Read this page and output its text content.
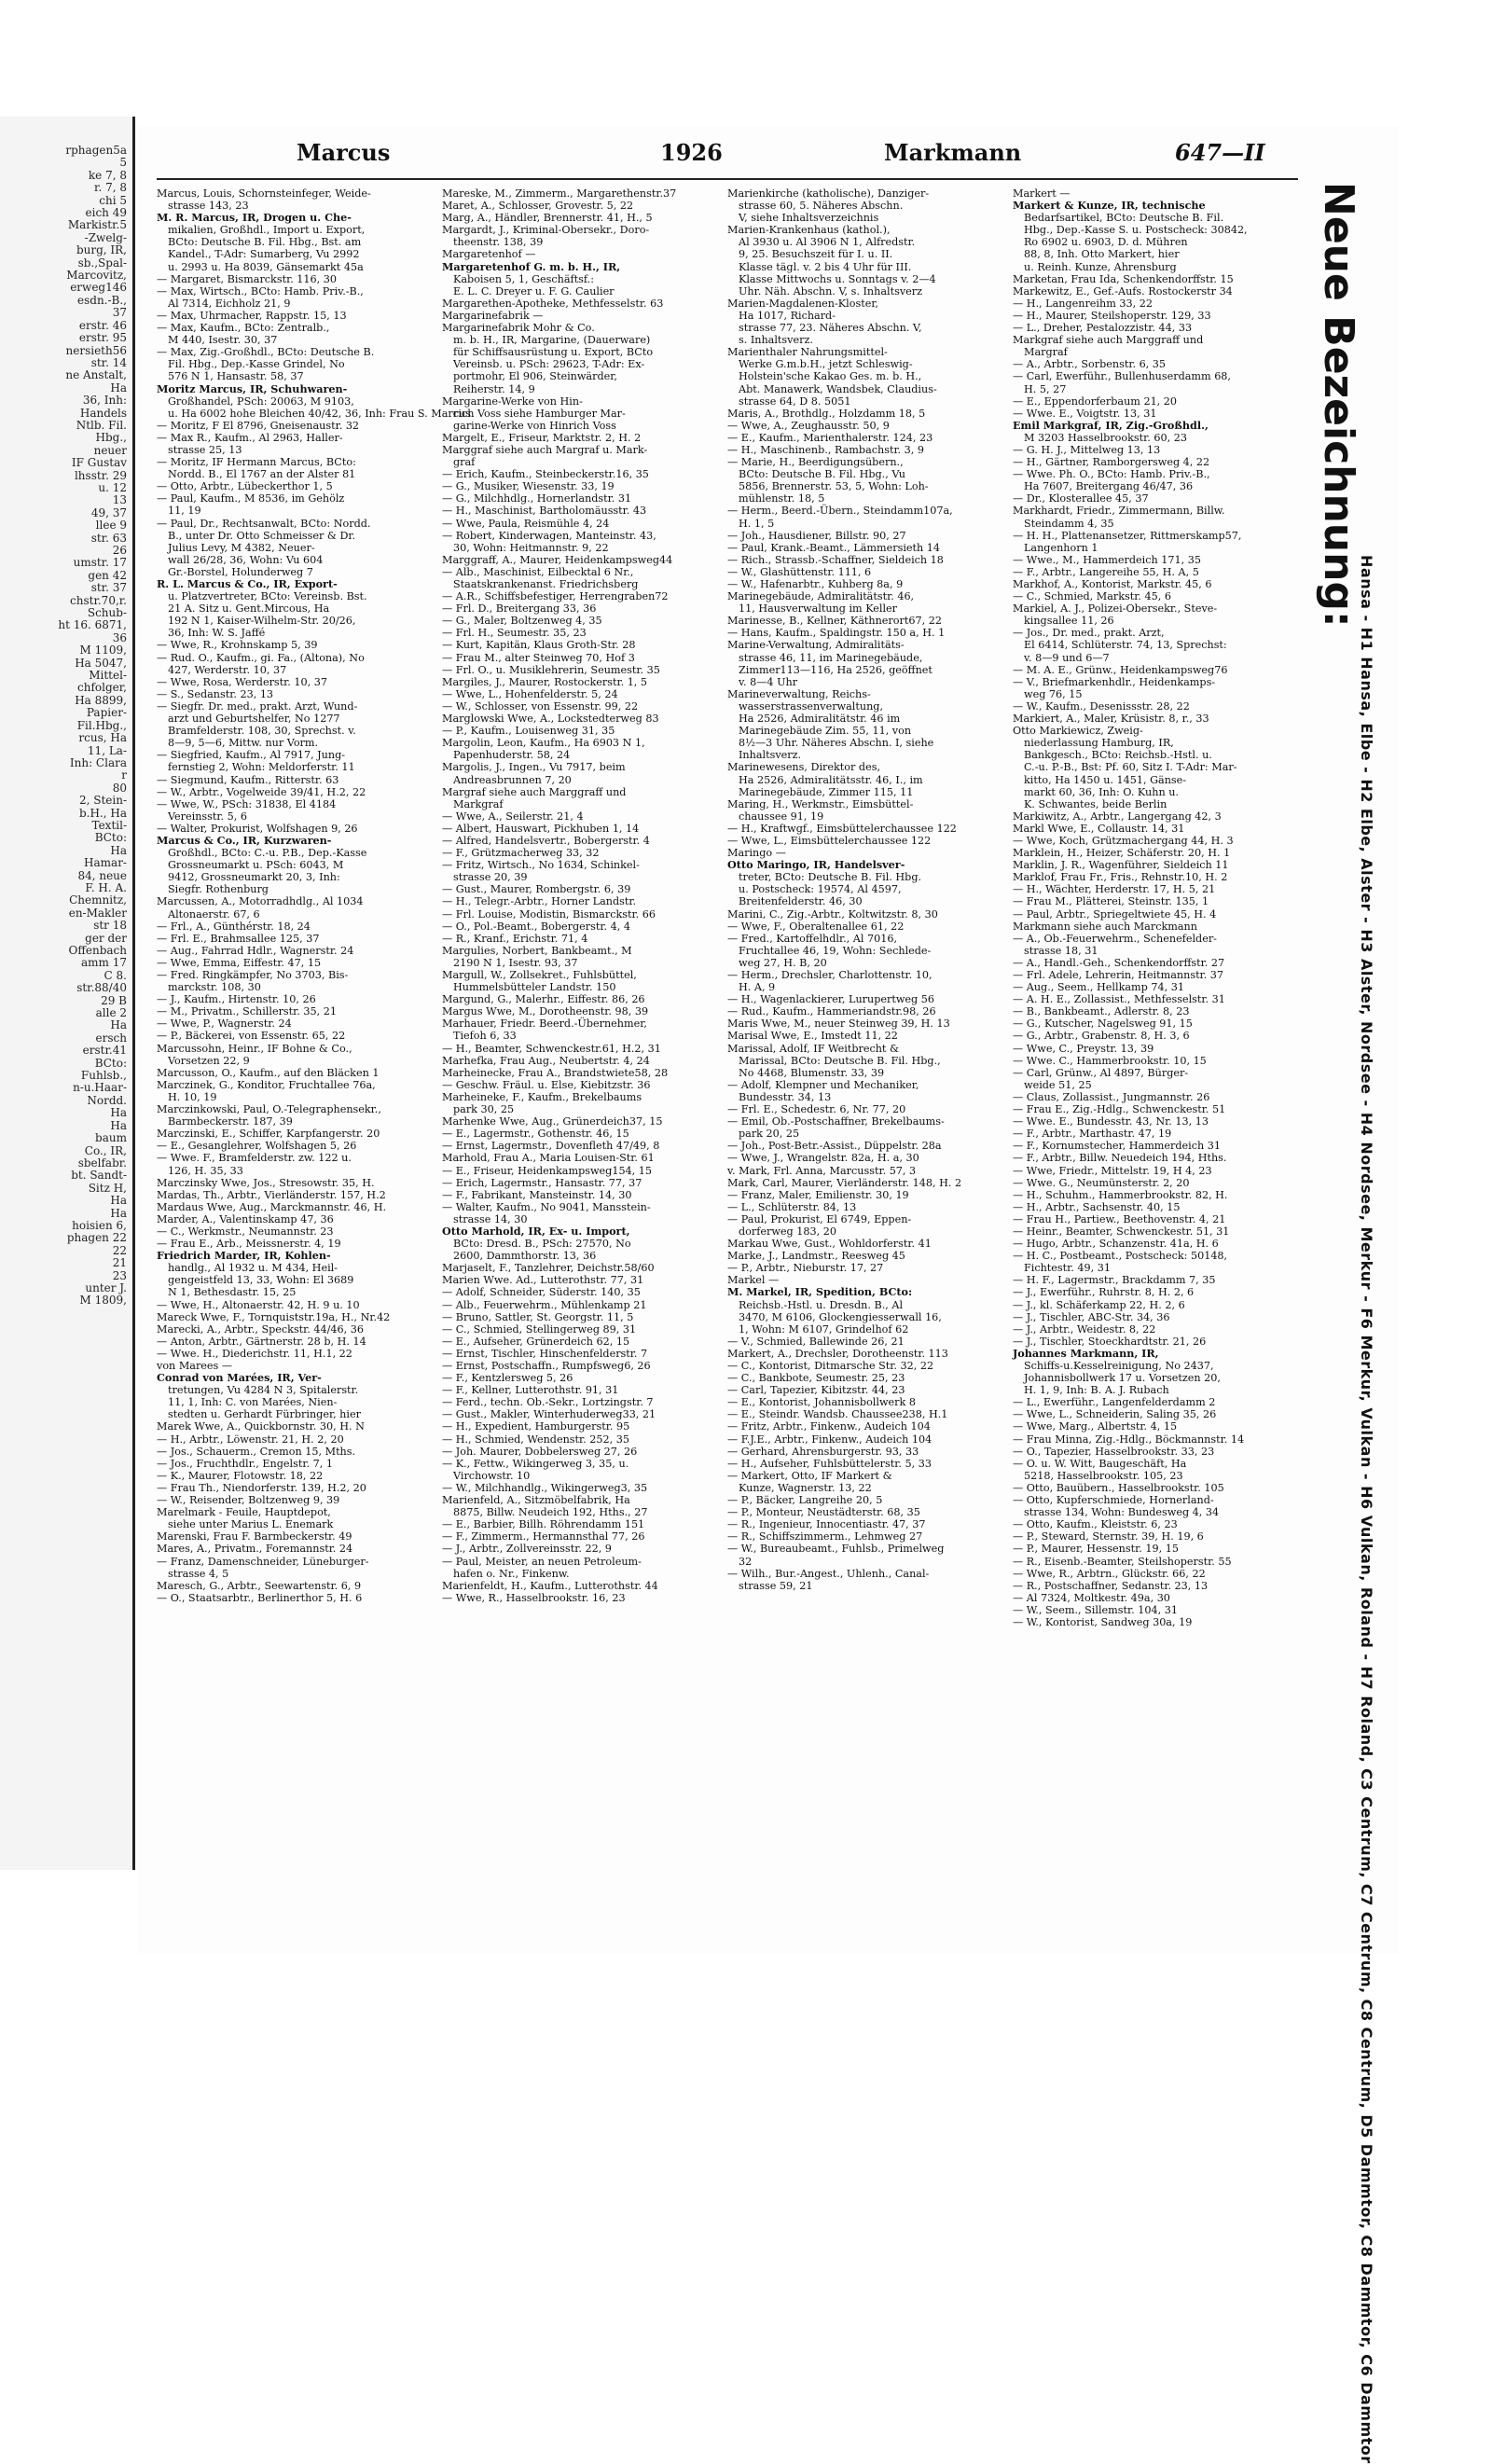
rphagen5a
5
ke 7, 8
r. 7, 8
chi 5
eich 49
Markistr.5
-Zwelg-
burg, IR,
sb.,Spal-
Marcovitz,
erweg146
esdn.-B.,
37
erstr. 46
erstr. 95
nersieth56
str. 14
ne Anstalt,
Ha
36, Inh:
Handels
Ntlb. Fil.
Hbg.,
neuer
IF Gustav
lhsstr. 29
u. 12
13
49, 37
llee 9
str. 63
26
umstr. 17
gen 42
str. 37
chstr.70,r.
Schub-
ht 16. 6871,
36
M 1109,
Ha 5047,
Mittel-
chfolger,
Ha 8899,
Papier-
Fil.Hbg.,
rcus, Ha
11, La-
Inh: Clara
r
80
2, Stein-
b.H., Ha
Textil-
BCto:
Ha
Hamar-
84, neue
F. H. A.
Chemnitz,
en-Makler
str 18
ger der
Offenbach
amm 17
C 8.
str.88/40
29 B
alle 2
Ha
ersch
erstr.41
BCto:
Fuhlsb.,
n-u.Haar-
Nordd.
Ha
Ha
baum
Co., IR,
sbelfabr.
bt. Sandt-
Sitz H,
Ha
Ha
hoisien 6,
phagen 22
22
21
23
unter J.
M 1809,
Marcus	1926	Markmann	647—II
Marcus, Louis, Schornsteinfeger, Weide-
strasse 143, 23
M. R. Marcus, IR, Drogen u. Che-
mikalien, Großhdl., Import u. Export,
BCto: Deutsche B. Fil. Hbg., Bst. am
Kandel., T-Adr: Sumarberg, Vu 2992
u. 2993 u. Ha 8039, Gänsemarkt 45a
— Margaret, Bismarckstr. 116, 30
— Max, Wirtsch., BCto: Hamb. Priv.-B.,
Al 7314, Eichholz 21, 9
— Max, Uhrmacher, Rappstr. 15, 13
— Max, Kaufm., BCto: Zentralb.,
M 440, Isestr. 30, 37
— Max, Zig.-Großhdl., BCto: Deutsche B.
Fil. Hbg., Dep.-Kasse Grindel, No
576 N 1, Hansastr. 58, 37
Moritz Marcus, IR, Schuhwaren-
Großhandel, PSch: 20063, M 9103,
u. Ha 6002 hohe Bleichen 40/42, 36, Inh: Frau S. Marcus
— Moritz, F El 8796, Gneisenaustr. 32
— Max R., Kaufm., Al 2963, Haller-
strasse 25, 13
— Moritz, IF Hermann Marcus, BCto:
Nordd. B., El 1767 an der Alster 81
— Otto, Arbtr., Lübeckerthor 1, 5
— Paul, Kaufm., M 8536, im Gehölz
11, 19
— Paul, Dr., Rechtsanwalt, BCto: Nordd.
B., unter Dr. Otto Schmeisser & Dr.
Julius Levy, M 4382, Neuer-
wall 26/28, 36, Wohn: Vu 604
Gr.-Borstel, Holunderweg 7
R. L. Marcus & Co., IR, Export-
u. Platzvertreter, BCto: Vereinsb. Bst.
21 A. Sitz u. Gent.Mircous, Ha
192 N 1, Kaiser-Wilhelm-Str. 20/26,
36, Inh: W. S. Jaffé
— Wwe, R., Krohnskamp 5, 39
— Rud. O., Kaufm., gi. Fa., (Altona), No
427, Werderstr. 10, 37
— Wwe, Rosa, Werderstr. 10, 37
— S., Sedanstr. 23, 13
— Siegfr. Dr. med., prakt. Arzt, Wund-
arzt und Geburtshelfer, No 1277
Bramfelderstr. 108, 30, Sprechst. v.
8—9, 5—6, Mittw. nur Vorm.
— Siegfried, Kaufm., Al 7917, Jung-
fernstieg 2, Wohn: Meldorferstr. 11
— Siegmund, Kaufm., Ritterstr. 63
— W., Arbtr., Vogelweide 39/41, H.2, 22
— Wwe, W., PSch: 31838, El 4184
Vereinsstr. 5, 6
— Walter, Prokurist, Wolfshagen 9, 26
Marcus & Co., IR, Kurzwaren-
Großhdl., BCto: C.-u. P.B., Dep.-Kasse
Grossneumarkt u. PSch: 6043, M
9412, Grossneumarkt 20, 3, Inh:
Siegfr. Rothenburg
Marcussen, A., Motorradhdlg., Al 1034
Altonaerstr. 67, 6
— Frl., A., Günthérstr. 18, 24
— Frl. E., Brahmsallee 125, 37
— Aug., Fahrrad Hdlr., Wagnerstr. 24
— Wwe, Emma, Eiffestr. 47, 15
— Fred. Ringkämpfer, No 3703, Bis-
marckstr. 108, 30
— J., Kaufm., Hirtenstr. 10, 26
— M., Privatm., Schillerstr. 35, 21
— Wwe, P., Wagnerstr. 24
— P., Bäckerei, von Essenstr. 65, 22
Marcussohn, Heinr., IF Bohne & Co.,
Vorsetzen 22, 9
Marcusson, O., Kaufm., auf den Bläcken 1
Marczinek, G., Konditor, Fruchtallee 76a,
H. 10, 19
Marczinkowski, Paul, O.-Telegraphensekr.,
Barmbeckerstr. 187, 39
Marczinski, E., Schiffer, Karpfangerstr. 20
— E., Gesanglehrer, Wolfshagen 5, 26
— Wwe. F., Bramfelderstr. zw. 122 u.
126, H. 35, 33
Marczinsky Wwe, Jos., Stresowstr. 35, H.
Mardas, Th., Arbtr., Vierländerstr. 157, H.2
Mardaus Wwe, Aug., Marckmannstr. 46, H.
Marder, A., Valentinskamp 47, 36
— C., Werkmstr., Neumannstr. 23
— Frau E., Arb., Meissnerstr. 4, 19
Friedrich Marder, IR, Kohlen-
handlg., Al 1932 u. M 434, Heil-
gengeistfeld 13, 33, Wohn: El 3689
N 1, Bethesdastr. 15, 25
— Wwe, H., Altonaerstr. 42, H. 9 u. 10
Mareck Wwe, F., Tornquiststr.19a, H., Nr.42
Marecki, A., Arbtr., Speckstr. 44/46, 36
— Anton, Arbtr., Gärtnerstr. 28 b, H. 14
— Wwe. H., Diederichstr. 11, H.1, 22
von Marees —
Conrad von Marées, IR, Ver-
tretungen, Vu 4284 N 3, Spitalerstr.
11, 1, Inh: C. von Marées, Nien-
stedten u. Gerhardt Fürbringer, hier
Marek Wwe, A., Quickbornstr. 30, H. N
— H., Arbtr., Löwenstr. 21, H. 2, 20
— Jos., Schauerm., Cremon 15, Mths.
— Jos., Fruchthdlr., Engelstr. 7, 1
— K., Maurer, Flotowstr. 18, 22
— Frau Th., Niendorferstr. 139, H.2, 20
— W., Reisender, Boltzenweg 9, 39
Marelmark - Feuile, Hauptdepot,
siehe unter Marius L. Enemark
Marenski, Frau F. Barmbeckerstr. 49
Mares, A., Privatm., Foremannstr. 24
— Franz, Damenschneider, Lüneburger-
strasse 4, 5
Maresch, G., Arbtr., Seewartenstr. 6, 9
— O., Staatsarbtr., Berlinerthor 5, H. 6
Mareske, M., Zimmerm., Margarethenstr.37
Maret, A., Schlosser, Grovestr. 5, 22
Marg, A., Händler, Brennerstr. 41, H., 5
Margardt, J., Kriminal-Obersekr., Doro-
theenstr. 138, 39
Margaretenhof —
Margaretenhof G. m. b. H., IR,
Kaboisen 5, 1, Geschäftsf.:
E. L. C. Dreyer u. F. G. Caulier
Margarethen-Apotheke, Methfesselstr. 63
Margarinefabrik —
Margarinefabrik Mohr & Co.
m. b. H., IR, Margarine, (Dauerware)
für Schiffsausrüstung u. Export, BCto
Vereinsb. u. PSch: 29623, T-Adr: Ex-
portmohr, El 906, Steinwärder,
Reiherstr. 14, 9
Margarine-Werke von Hin-
rich Voss siehe Hamburger Mar-
garine-Werke von Hinrich Voss
Margelt, E., Friseur, Marktstr. 2, H. 2
Marggraf siehe auch Margraf u. Mark-
graf
— Erich, Kaufm., Steinbeckerstr.16, 35
— G., Musiker, Wiesenstr. 33, 19
— G., Milchhdlg., Hornerlandstr. 31
— H., Maschinist, Bartholomäusstr. 43
— Wwe, Paula, Reismühle 4, 24
— Robert, Kinderwagen, Manteinstr. 43,
30, Wohn: Heitmannstr. 9, 22
Marggraff, A., Maurer, Heidenkampsweg44
— Alb., Maschinist, Eilbecktal 6 Nr.,
Staatskrankenanst. Friedrichsberg
— A.R., Schiffsbefestiger, Herrengraben72
— Frl. D., Breitergang 33, 36
— G., Maler, Boltzenweg 4, 35
— Frl. H., Seumestr. 35, 23
— Kurt, Kapitän, Klaus Groth-Str. 28
— Frau M., alter Steinweg 70, Hof 3
— Frl. O., u. Musiklehrerin, Seumestr. 35
Margiles, J., Maurer, Rostockerstr. 1, 5
— Wwe, L., Hohenfelderstr. 5, 24
— W., Schlosser, von Essenstr. 99, 22
Marglowski Wwe, A., Lockstedterweg 83
— P., Kaufm., Louisenweg 31, 35
Margolin, Leon, Kaufm., Ha 6903 N 1,
Papenhuderstr. 58, 24
Margolis, J., Ingen., Vu 7917, beim
Andreasbrunnen 7, 20
Margraf siehe auch Marggraff und
Markgraf
— Wwe, A., Seilerstr. 21, 4
— Albert, Hauswart, Pickhuben 1, 14
— Alfred, Handelsvertr., Bobergerstr. 4
— F., Grützmacherweg 33, 32
— Fritz, Wirtsch., No 1634, Schinkel-
strasse 20, 39
— Gust., Maurer, Rombergstr. 6, 39
— H., Telegr.-Arbtr., Horner Landstr.
— Frl. Louise, Modistin, Bismarckstr. 66
— O., Pol.-Beamt., Bobergerstr. 4, 4
— R., Kranf., Erichstr. 71, 4
Margulies, Norbert, Bankbeamt., M
2190 N 1, Isestr. 93, 37
Margull, W., Zollsekret., Fuhlsbüttel,
Hummelsbütteler Landstr. 150
Margund, G., Malerhr., Eiffestr. 86, 26
Margus Wwe, M., Dorotheenstr. 98, 39
Marhauer, Friedr. Beerd.-Übernehmer,
Tiefoh 6, 33
— H., Beamter, Schwenckestr.61, H.2, 31
Marhefka, Frau Aug., Neubertstr. 4, 24
Marheinecke, Frau A., Brandstwiete58, 28
— Geschw. Fräul. u. Else, Kiebitzstr. 36
Marheineke, F., Kaufm., Brekelbaums
park 30, 25
Marhenke Wwe, Aug., Grünerdeich37, 15
— E., Lagermstr., Gothenstr. 46, 15
— Ernst, Lagermstr., Dovenfleth 47/49, 8
Marhold, Frau A., Maria Louisen-Str. 61
— E., Friseur, Heidenkampsweg154, 15
— Erich, Lagermstr., Hansastr. 77, 37
— F., Fabrikant, Mansteinstr. 14, 30
— Walter, Kaufm., No 9041, Mansstein-
strasse 14, 30
Otto Marhold, IR, Ex- u. Import,
BCto: Dresd. B., PSch: 27570, No
2600, Dammthorstr. 13, 36
Marjaselt, F., Tanzlehrer, Deichstr.58/60
Marien Wwe. Ad., Lutterothstr. 77, 31
— Adolf, Schneider, Süderstr. 140, 35
— Alb., Feuerwehrm., Mühlenkamp 21
— Bruno, Sattler, St. Georgstr. 11, 5
— C., Schmied, Stellingerweg 89, 31
— E., Aufseher, Grünerdeich 62, 15
— Ernst, Tischler, Hinschenfelderstr. 7
— Ernst, Postschaffn., Rumpfsweg6, 26
— F., Kentzlersweg 5, 26
— F., Kellner, Lutterothstr. 91, 31
— Ferd., techn. Ob.-Sekr., Lortzingstr. 7
— Gust., Makler, Winterhuderweg33, 21
— H., Expedient, Hamburgerstr. 95
— H., Schmied, Wendenstr. 252, 35
— Joh. Maurer, Dobbelersweg 27, 26
— K., Fettw., Wikingerweg 3, 35, u.
Virchowstr. 10
— W., Milchhandlg., Wikingerweg3, 35
Marienfeld, A., Sitzmöbelfabrik, Ha
8875, Billw. Neudeich 192, Hths., 27
— E., Barbier, Billh. Röhrendamm 151
— F., Zimmerm., Hermannsthal 77, 26
— J., Arbtr., Zollvereinsstr. 22, 9
— Paul, Meister, an neuen Petroleum-
hafen o. Nr., Finkenw.
Marienfeldt, H., Kaufm., Lutterothstr. 44
— Wwe, R., Hasselbrookstr. 16, 23
Marienkirche (katholische), Danziger-
strasse 60, 5. Näheres Abschn.
V, siehe Inhaltsverzeichnis
Marien-Krankenhaus (kathol.),
Al 3930 u. Al 3906 N 1, Alfredstr.
9, 25. Besuchszeit für I. u. II.
Klasse tägl. v. 2 bis 4 Uhr für III.
Klasse Mittwochs u. Sonntags v. 2—4
Uhr. Näh. Abschn. V, s. Inhaltsverz
Marien-Magdalenen-Kloster,
Ha 1017, Richard-
strasse 77, 23. Näheres Abschn. V,
s. Inhaltsverz.
Marienthaler Nahrungsmittel-
Werke G.m.b.H., jetzt Schleswig-
Holstein'sche Kakao Ges. m. b. H.,
Abt. Manawerk, Wandsbek, Claudius-
strasse 64, D 8. 5051
Maris, A., Brothdlg., Holzdamm 18, 5
— Wwe, A., Zeughausstr. 50, 9
— E., Kaufm., Marienthalerstr. 124, 23
— H., Maschinenb., Rambachstr. 3, 9
— Marie, H., Beerdigungsübern.,
BCto: Deutsche B. Fil. Hbg., Vu
5856, Brennerstr. 53, 5, Wohn: Loh-
mühlenstr. 18, 5
— Herm., Beerd.-Übern., Steindamm107a,
H. 1, 5
— Joh., Hausdiener, Billstr. 90, 27
— Paul, Krank.-Beamt., Lämmersieth 14
— Rich., Strassb.-Schaffner, Sieldeich 18
— W., Glashüttenstr. 111, 6
— W., Hafenarbtr., Kuhberg 8a, 9
Marinegebäude, Admiralitätstr. 46,
11, Hausverwaltung im Keller
Marinesse, B., Kellner, Käthnerort67, 22
— Hans, Kaufm., Spaldingstr. 150 a, H. 1
Marine-Verwaltung, Admiralitäts-
strasse 46, 11, im Marinegebäude,
Zimmer113—116, Ha 2526, geöffnet
v. 8—4 Uhr
Marineverwaltung, Reichs-
wasserstrassenverwaltung,
Ha 2526, Admiralitätstr. 46 im
Marinegebäude Zim. 55, 11, von
8½—3 Uhr. Näheres Abschn. I, siehe
Inhaltsverz.
Marinewesens, Direktor des,
Ha 2526, Admiralitätsstr. 46, I., im
Marinegebäude, Zimmer 115, 11
Maring, H., Werkmstr., Eimsbüttel-
chaussee 91, 19
— H., Kraftwgf., Eimsbüttelerchaussee 122
— Wwe, L., Eimsbüttelerchaussee 122
Maringo —
Otto Maringo, IR, Handelsver-
treter, BCto: Deutsche B. Fil. Hbg.
u. Postscheck: 19574, Al 4597,
Breitenfelderstr. 46, 30
Marini, C., Zig.-Arbtr., Koltwitzstr. 8, 30
— Wwe, F., Oberaltenallee 61, 22
— Fred., Kartoffelhdlr., Al 7016,
Fruchtallee 46, 19, Wohn: Sechlede-
weg 27, H. B, 20
— Herm., Drechsler, Charlottenstr. 10,
H. A, 9
— H., Wagenlackierer, Lurupertweg 56
— Rud., Kaufm., Hammeriandstr.98, 26
Maris Wwe, M., neuer Steinweg 39, H. 13
Marisal Wwe, E., Imstedt 11, 22
Marissal, Adolf, IF Weitbrecht &
Marissal, BCto: Deutsche B. Fil. Hbg.,
No 4468, Blumenstr. 33, 39
— Adolf, Klempner und Mechaniker,
Bundesstr. 34, 13
— Frl. E., Schedestr. 6, Nr. 77, 20
— Emil, Ob.-Postschaffner, Brekelbaums-
park 20, 25
— Joh., Post-Betr.-Assist., Düppelstr. 28a
— Wwe, J., Wrangelstr. 82a, H. a, 30
v. Mark, Frl. Anna, Marcusstr. 57, 3
Mark, Carl, Maurer, Vierländerstr. 148, H. 2
— Franz, Maler, Emilienstr. 30, 19
— L., Schlüterstr. 84, 13
— Paul, Prokurist, El 6749, Eppen-
dorferweg 183, 20
Markau Wwe, Gust., Wohldorferstr. 41
Marke, J., Landmstr., Reesweg 45
— P., Arbtr., Nieburstr. 17, 27
Markel —
M. Markel, IR, Spedition, BCto:
Reichsb.-Hstl. u. Dresdn. B., Al
3470, M 6106, Glockengiesserwall 16,
1, Wohn: M 6107, Grindelhof 62
— V., Schmied, Ballewinde 26, 21
Markert, A., Drechsler, Dorotheenstr. 113
— C., Kontorist, Ditmarsche Str. 32, 22
— C., Bankbote, Seumestr. 25, 23
— Carl, Tapezier, Kibitzstr. 44, 23
— E., Kontorist, Johannisbollwerk 8
— E., Steindr. Wandsb. Chaussee238, H.1
— Fritz, Arbtr., Finkenw., Audeich 104
— F.J.E., Arbtr., Finkenw., Audeich 104
— Gerhard, Ahrensburgerstr. 93, 33
— H., Aufseher, Fuhlsbüttelerstr. 5, 33
— Markert, Otto, IF Markert &
Kunze, Wagnerstr. 13, 22
— P., Bäcker, Langreihe 20, 5
— P., Monteur, Neustädterstr. 68, 35
— R., Ingenieur, Innocentiastr. 47, 37
— R., Schiffszimmerm., Lehmweg 27
— W., Bureaubeamt., Fuhlsb., Primelweg
32
— Wilh., Bur.-Angest., Uhlenh., Canal-
strasse 59, 21
Markert —
Markert & Kunze, IR, technische
Bedarfsartikel, BCto: Deutsche B. Fil.
Hbg., Dep.-Kasse S. u. Postscheck: 30842,
Ro 6902 u. 6903, D. d. Mühren
88, 8, Inh. Otto Markert, hier
u. Reinh. Kunze, Ahrensburg
Marketan, Frau Ida, Schenkendorffstr. 15
Markewitz, E., Gef.-Aufs. Rostockerstr 34
— H., Langenreihm 33, 22
— H., Maurer, Steilshoperstr. 129, 33
— L., Dreher, Pestalozzistr. 44, 33
Markgraf siehe auch Marggraff und
Margraf
— A., Arbtr., Sorbenstr. 6, 35
— Carl, Ewerführ., Bullenhuserdamm 68,
H. 5, 27
— E., Eppendorferbaum 21, 20
— Wwe. E., Voigtstr. 13, 31
Emil Markgraf, IR, Zig.-Großhdl.,
M 3203 Hasselbrookstr. 60, 23
— G. H. J., Mittelweg 13, 13
— H., Gärtner, Ramborgersweg 4, 22
— Wwe. Ph. O., BCto: Hamb. Priv.-B.,
Ha 7607, Breitergang 46/47, 36
— Dr., Klosterallee 45, 37
Markhardt, Friedr., Zimmermann, Billw.
Steindamm 4, 35
— H. H., Plattenansetzer, Rittmerskamp57,
Langenhorn 1
— Wwe., M., Hammerdeich 171, 35
— F., Arbtr., Langereihe 55, H. A, 5
Markhof, A., Kontorist, Markstr. 45, 6
— C., Schmied, Markstr. 45, 6
Markiel, A. J., Polizei-Obersekr., Steve-
kingsallee 11, 26
— Jos., Dr. med., prakt. Arzt,
El 6414, Schlüterstr. 74, 13, Sprechst:
v. 8—9 und 6—7
— M. A. E., Grünw., Heidenkampsweg76
— V., Briefmarkenhdlr., Heidenkamps-
weg 76, 15
— W., Kaufm., Desenissstr. 28, 22
Markiert, A., Maler, Krüsistr. 8, r., 33
Otto Markiewicz, Zweig-
niederlassung Hamburg, IR,
Bankgesch., BCto: Reichsb.-Hstl. u.
C.-u. P.-B., Bst: Pf. 60, Sitz I. T-Adr: Mar-
kitto, Ha 1450 u. 1451, Gänse-
markt 60, 36, Inh: O. Kuhn u.
K. Schwantes, beide Berlin
Markiwitz, A., Arbtr., Langergang 42, 3
Markl Wwe, E., Collaustr. 14, 31
— Wwe, Koch, Grützmachergang 44, H. 3
Marklein, H., Heizer, Schäferstr. 20, H. 1
Marklin, J. R., Wagenführer, Sieldeich 11
Marklof, Frau Fr., Fris., Rehnstr.10, H. 2
— H., Wächter, Herderstr. 17, H. 5, 21
— Frau M., Plätterei, Steinstr. 135, 1
— Paul, Arbtr., Spriegeltwiete 45, H. 4
Markmann siehe auch Marckmann
— A., Ob.-Feuerwehrm., Schenefelder-
strasse 18, 31
— A., Handl.-Geh., Schenkendorffstr. 27
— Frl. Adele, Lehrerin, Heitmannstr. 37
— Aug., Seem., Hellkamp 74, 31
— A. H. E., Zollassist., Methfesselstr. 31
— B., Bankbeamt., Adlerstr. 8, 23
— G., Kutscher, Nagelsweg 91, 15
— G., Arbtr., Grabenstr. 8, H. 3, 6
— Wwe, C., Preystr. 13, 39
— Wwe. C., Hammerbrookstr. 10, 15
— Carl, Grünw., Al 4897, Bürger-
weide 51, 25
— Claus, Zollassist., Jungmannstr. 26
— Frau E., Zig.-Hdlg., Schwenckestr. 51
— Wwe. E., Bundesstr. 43, Nr. 13, 13
— F., Arbtr., Marthastr. 47, 19
— F., Kornumstecher, Hammerdeich 31
— F., Arbtr., Billw. Neuedeich 194, Hths.
— Wwe, Friedr., Mittelstr. 19, H 4, 23
— Wwe. G., Neumünsterstr. 2, 20
— H., Schuhm., Hammerbrookstr. 82, H.
— H., Arbtr., Sachsenstr. 40, 15
— Frau H., Partiew., Beethovenstr. 4, 21
— Heinr., Beamter, Schwenckestr. 51, 31
— Hugo, Arbtr., Schanzenstr. 41a, H. 6
— H. C., Postbeamt., Postscheck: 50148,
Fichtestr. 49, 31
— H. F., Lagermstr., Brackdamm 7, 35
— J., Ewerführ., Ruhrstr. 8, H. 2, 6
— J., kl. Schäferkamp 22, H. 2, 6
— J., Tischler, ABC-Str. 34, 36
— J., Arbtr., Weidestr. 8, 22
— J., Tischler, Stoeckhardtstr. 21, 26
Johannes Markmann, IR,
Schiffs-u.Kesselreinigung, No 2437,
Johannisbollwerk 17 u. Vorsetzen 20,
H. 1, 9, Inh: B. A. J. Rubach
— L., Ewerführ., Langenfelderdamm 2
— Wwe, L., Schneiderin, Saling 35, 26
— Wwe, Marg., Albertstr. 4, 15
— Frau Minna, Zig.-Hdlg., Böckmannstr. 14
— O., Tapezier, Hasselbrookstr. 33, 23
— O. u. W. Witt, Baugeschäft, Ha
5218, Hasselbrookstr. 105, 23
— Otto, Bauübern., Hasselbrookstr. 105
— Otto, Kupferschmiede, Hornerland-
strasse 134, Wohn: Bundesweg 4, 34
— Otto, Kaufm., Kleiststr. 6, 23
— P., Steward, Sternstr. 39, H. 19, 6
— P., Maurer, Hessenstr. 19, 15
— R., Eisenb.-Beamter, Steilshoperstr. 55
— Wwe, R., Arbtrn., Glückstr. 66, 22
— R., Postschaffner, Sedanstr. 23, 13
— Al 7324, Moltkestr. 49a, 30
— W., Seem., Sillemstr. 104, 31
— W., Kontorist, Sandweg 30a, 19
Neue Bezeichnung:
Hansa - H1 Hansa, Elbe - H2 Elbe, Alster - H3 Alster, Nordsee - H4 Nordsee, Merkur - F6 Merkur, Vulkan - H6 Vulkan, Roland - H7 Roland, C3 Centrum, C7 Centrum, C8 Centrum, D5 Dammtor, C8 Dammtor, C6 Dammtor
